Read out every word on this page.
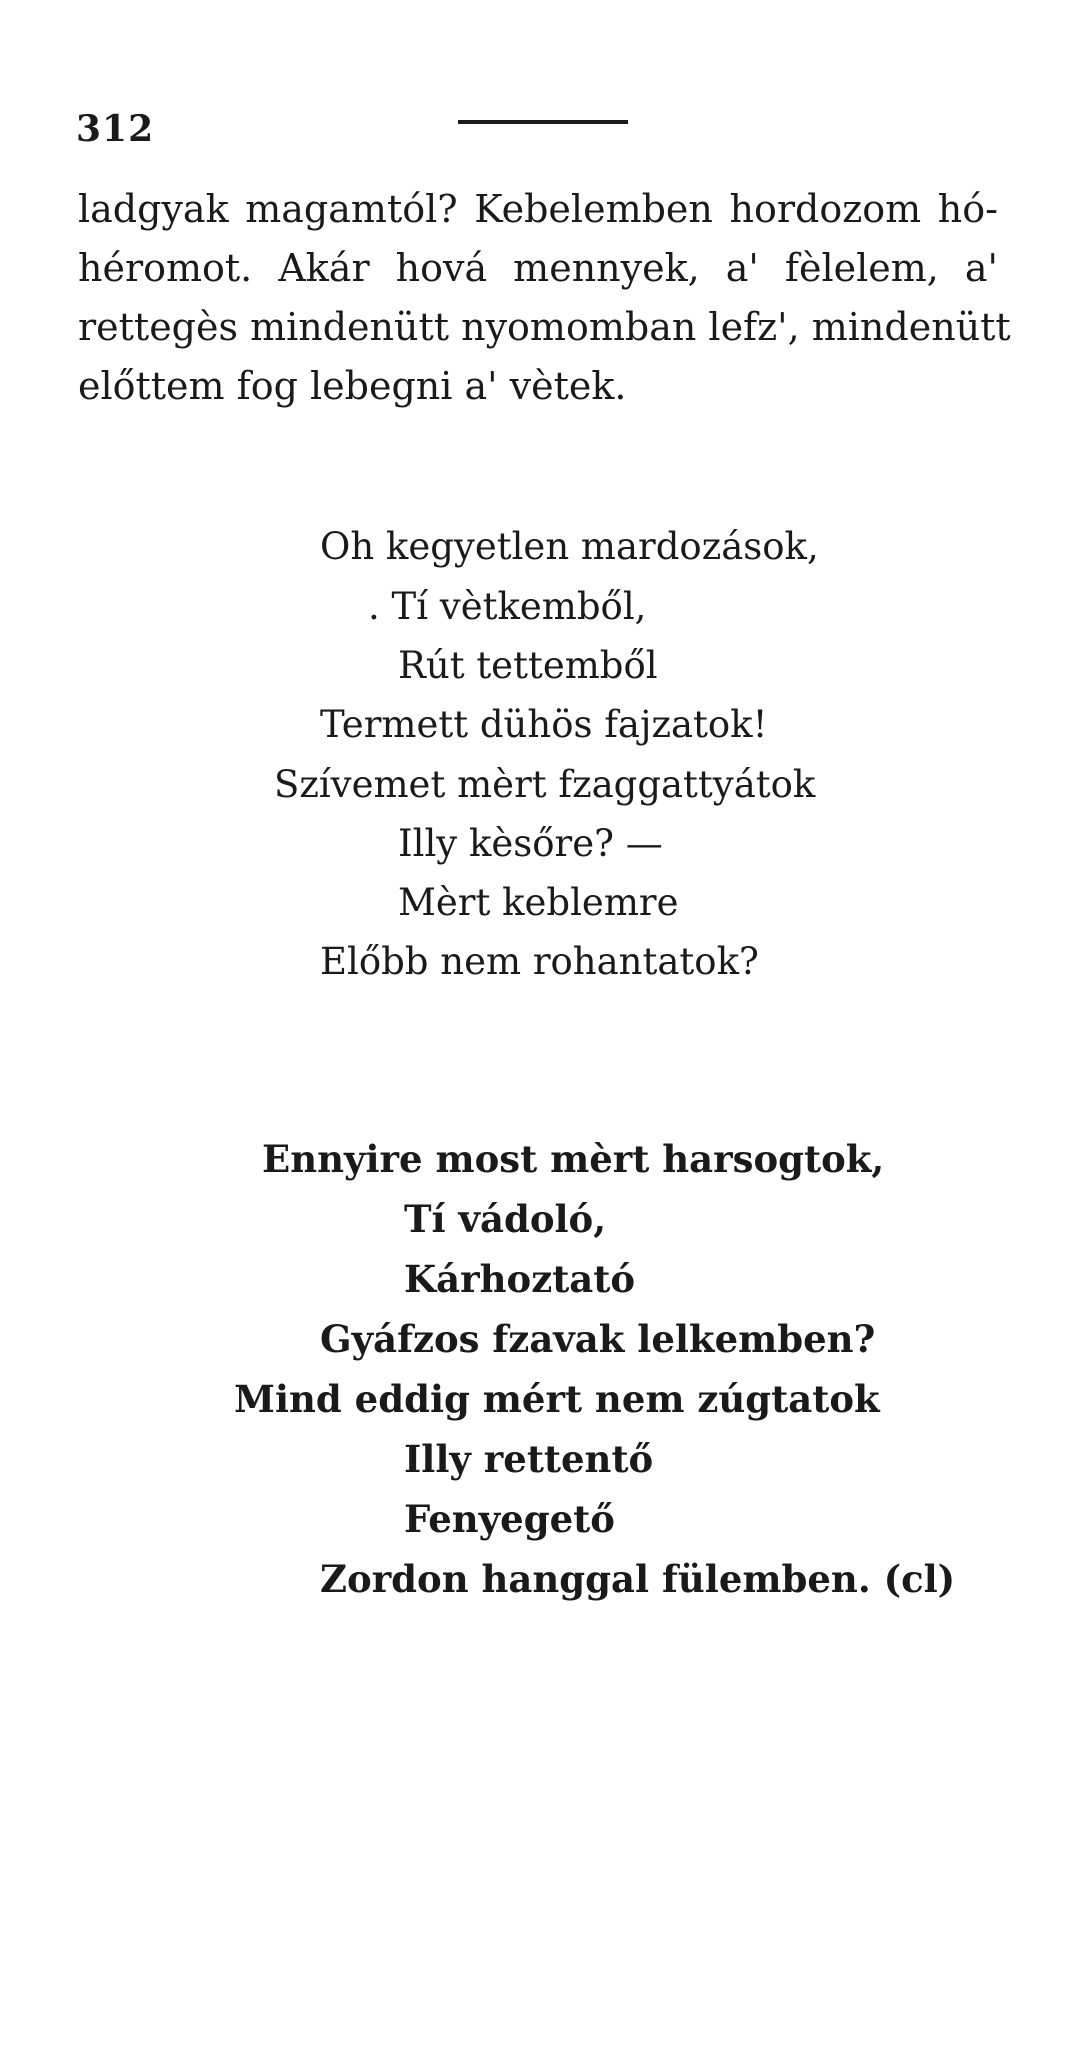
312
ladgyak magamtól? Kebelemben hordozom hó-
héromot. Akár hová mennyek, a' fèlelem, a'
rettegès mindenütt nyomomban lefz', mindenütt
előttem fog lebegni a' vètek.
Oh kegyetlen mardozások,
. Tí vètkemből,
Rút tettemből
Termett dühös fajzatok!
Szívemet mèrt fzaggattyátok
Illy kèsőre? —
Mèrt keblemre
Előbb nem rohantatok?
Ennyire most mèrt harsogtok,
Tí vádoló,
Kárhoztató
Gyáfzos fzavak lelkemben?
Mind eddig mért nem zúgtatok
Illy rettentő
Fenyegető
Zordon hanggal fülemben. (cl)
